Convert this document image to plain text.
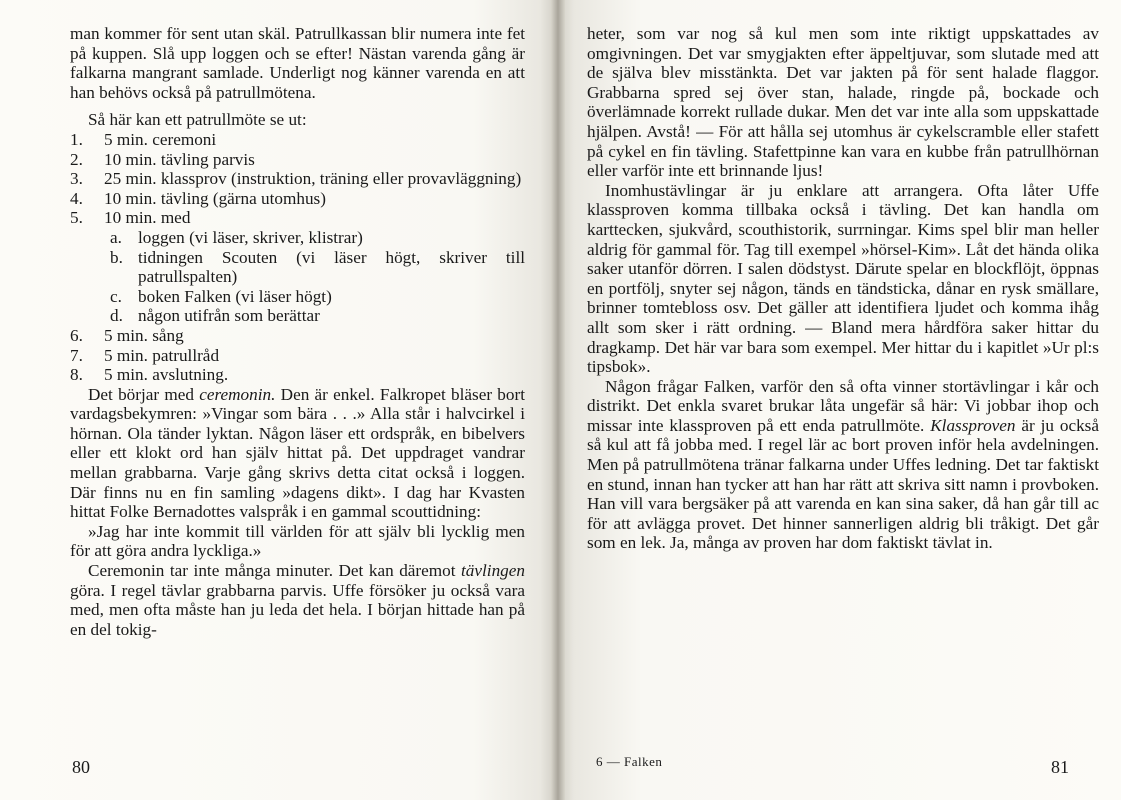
man kommer för sent utan skäl. Patrullkassan blir numera inte fet på kuppen. Slå upp loggen och se efter! Nästan varenda gång är falkarna mangrant samlade. Underligt nog känner varenda en att han behövs också på patrullmötena.

Så här kan ett patrullmöte se ut:

1.	5 min. ceremoni
2.	10 min. tävling parvis
3.	25 min. klassprov (instruktion, träning eller provavläggning)
4.	10 min. tävling (gärna utomhus)
5.	10 min. med
a. loggen (vi läser, skriver, klistrar)
b. tidningen Scouten (vi läser högt, skriver till patrullspalten)
c. boken Falken (vi läser högt)
d. någon utifrån som berättar
6.	5 min. sång
7.	5 min. patrullråd
8.	5 min. avslutning.

Det börjar med ceremonin. Den är enkel. Falkropet bläser bort vardagsbekymren: »Vingar som bära . . .» Alla står i halvcirkel i hörnan. Ola tänder lyktan. Någon läser ett ordspråk, en bibelvers eller ett klokt ord han själv hittat på. Det uppdraget vandrar mellan grabbarna. Varje gång skrivs detta citat också i loggen. Där finns nu en fin samling »dagens dikt». I dag har Kvasten hittat Folke Bernadottes valspråk i en gammal scouttidning:

»Jag har inte kommit till världen för att själv bli lycklig men för att göra andra lyckliga.»

Ceremonin tar inte många minuter. Det kan däremot tävlingen göra. I regel tävlar grabbarna parvis. Uffe försöker ju också vara med, men ofta måste han ju leda det hela. I början hittade han på en del tokig-

80

heter, som var nog så kul men som inte riktigt uppskattades av omgivningen. Det var smygjakten efter äppeltjuvar, som slutade med att de själva blev misstänkta. Det var jakten på för sent halade flaggor. Grabbarna spred sej över stan, halade, ringde på, bockade och överlämnade korrekt rullade dukar. Men det var inte alla som uppskattade hjälpen. Avstå! — För att hålla sej utomhus är cykelscramble eller stafett på cykel en fin tävling. Stafettpinne kan vara en kubbe från patrullhörnan eller varför inte ett brinnande ljus!

Inomhustävlingar är ju enklare att arrangera. Ofta låter Uffe klassproven komma tillbaka också i tävling. Det kan handla om karttecken, sjukvård, scouthistorik, surrningar. Kims spel blir man heller aldrig för gammal för. Tag till exempel »hörsel-Kim». Låt det hända olika saker utanför dörren. I salen dödstyst. Därute spelar en blockflöjt, öppnas en portfölj, snyter sej någon, tänds en tändsticka, dånar en rysk smällare, brinner tomtebloss osv. Det gäller att identifiera ljudet och komma ihåg allt som sker i rätt ordning. — Bland mera hårdföra saker hittar du dragkamp. Det här var bara som exempel. Mer hittar du i kapitlet »Ur pl:s tipsbok».

Någon frågar Falken, varför den så ofta vinner stortävlingar i kår och distrikt. Det enkla svaret brukar låta ungefär så här: Vi jobbar ihop och missar inte klassproven på ett enda patrullmöte. Klassproven är ju också så kul att få jobba med. I regel lär ac bort proven inför hela avdelningen. Men på patrullmötena tränar falkarna under Uffes ledning. Det tar faktiskt en stund, innan han tycker att han har rätt att skriva sitt namn i provboken. Han vill vara bergsäker på att varenda en kan sina saker, då han går till ac för att avlägga provet. Det hinner sannerligen aldrig bli tråkigt. Det går som en lek. Ja, många av proven har dom faktiskt tävlat in.

81
6 — Falken
